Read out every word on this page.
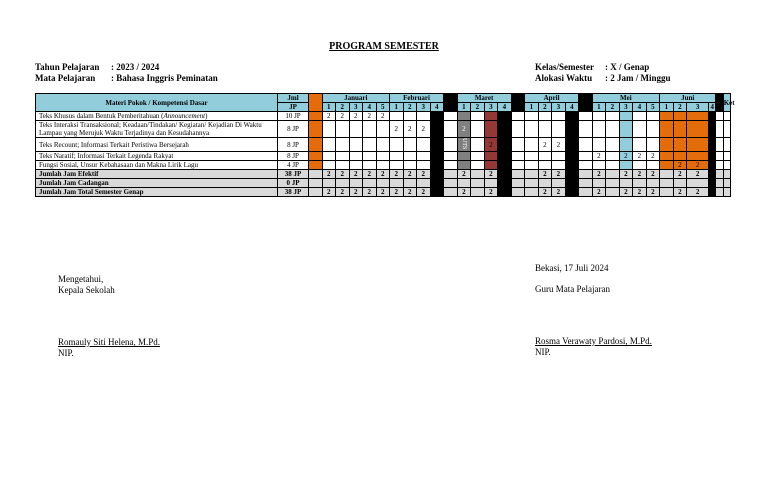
PROGRAM SEMESTER
Tahun Pelajaran	: 2023 / 2024
Mata Pelajaran	: Bahasa Inggris Peminatan
Kelas/Semester	: X / Genap
Alokasi Waktu	: 2 Jam / Minggu
Materi Pokok / Kompetensi Dasar	Jml		Januari					Februari					Maret					April					Mei					Juni					Ket
	JP		1	2	3	4	5	1	2	3	4		1	2	3	4		1	2	3	4		1	2	3	4	5	1	2	3	4		
Teks Khusus dalam Bentuk Pemberitahuan (Announcement)	10 JP		2	2	2	2	2																										
Teks Interaksi Transaksional; Keadaan/Tindakan/ Kegiatan/ Kejadian Di Waktu Lampau yang Merujuk Waktu Terjadinya dan Kesudahannya	8 JP							2	2	2			2																				
Teks Recount; Informasi Terkait Peristiwa Bersejarah	8 JP												UTS		2				2	2	2												
Teks Naratif; Informasi Terkait Legenda Rakyat	8 JP																						2		2	2	2						
Fungsi Sosial, Unsur Kebahasaan dan Makna Lirik Lagu	4 JP																												2	2			
Jumlah Jam Efektif	38 JP		2	2	2	2	2	2	2	2			2		2				2	2	2		2		2	2	2		2	2			
Jumlah Jam Cadangan	0 JP																																
Jumlah Jam Total Semester Genap	38 JP		2	2	2	2	2	2	2	2			2		2				2	2	2		2		2	2	2		2	2			
Mengetahui,
Kepala Sekolah
Romauly Siti Helena, M.Pd.
NIP.
Bekasi, 17 Juli 2024
Guru Mata Pelajaran
Rosma Verawaty Pardosi, M.Pd.
NIP.
